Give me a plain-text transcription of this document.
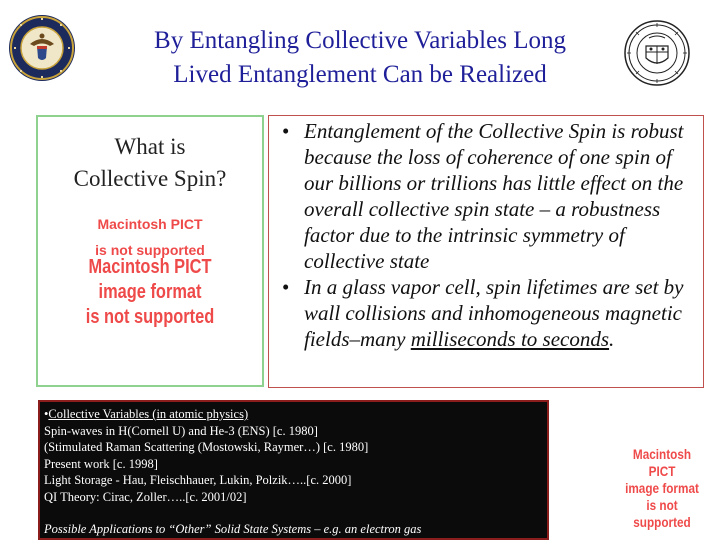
By Entangling Collective Variables Long
Lived Entanglement Can be Realized
What is
Collective Spin?
Macintosh PICT
Macintosh PICT
image format
is not supported
• Entanglement of the Collective Spin is robust because the loss of coherence of one spin of our billions or trillions has little effect on the overall collective spin state – a robustness factor due to the intrinsic symmetry of collective state
• In a glass vapor cell, spin lifetimes are set by wall collisions and inhomogeneous magnetic fields–many milliseconds to seconds.
•Collective Variables (in atomic physics)
Spin-waves in H(Cornell U) and He-3 (ENS) [c. 1980]
(Stimulated Raman Scattering (Mostowski, Raymer…) [c. 1980]
Present work [c. 1998]
Light Storage - Hau, Fleischhauer, Lukin, Polzik…..[c. 2000]
QI Theory: Cirac, Zoller…..[c. 2001/02]
Possible Applications to “Other” Solid State Systems – e.g. an electron gas
Macintosh PICT
image format
is not supported
